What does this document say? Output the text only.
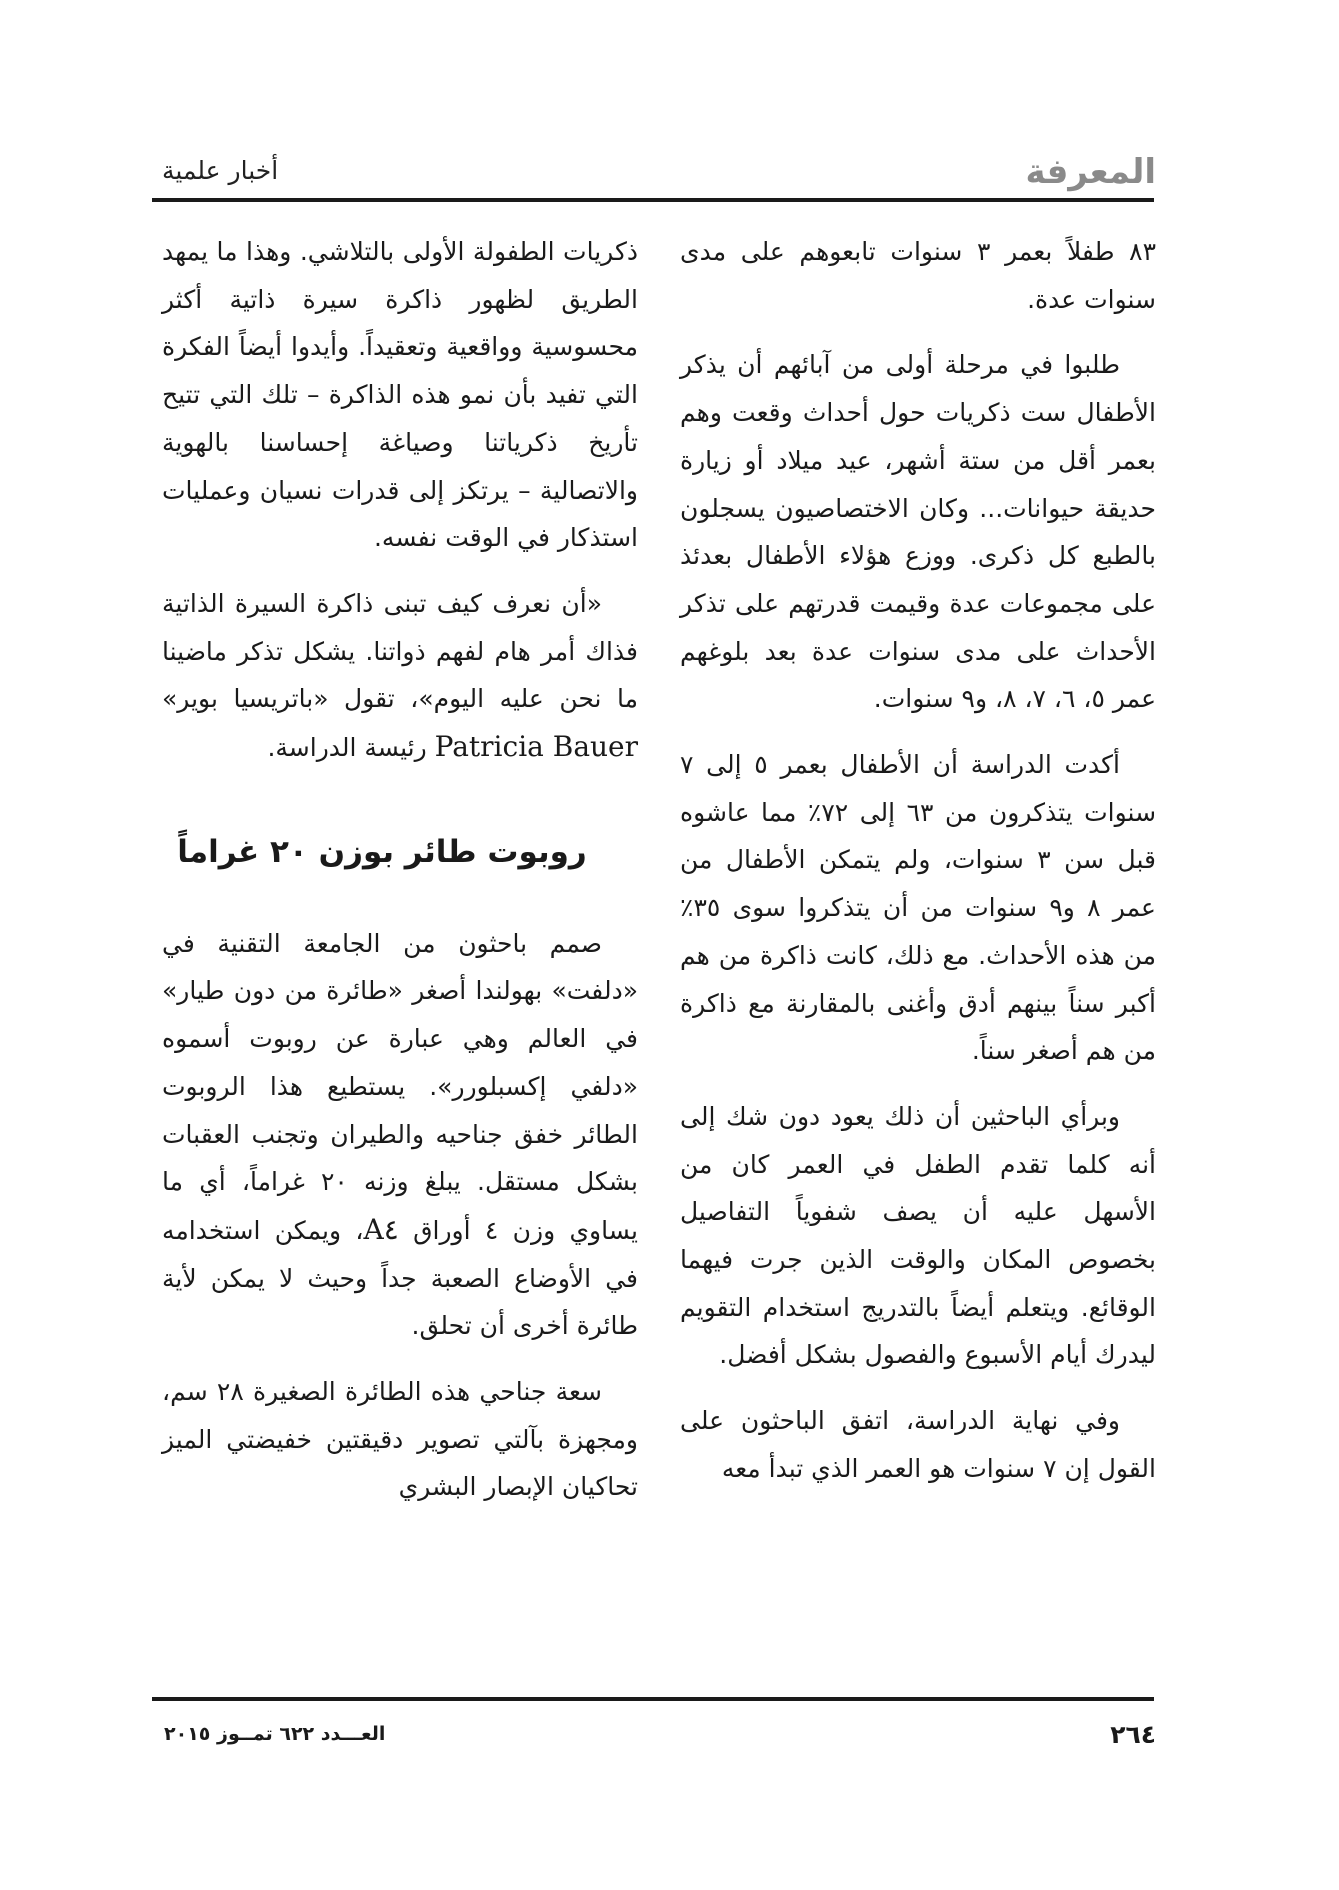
المعرفة
أخبار علمية

٨٣ طفلاً بعمر ٣ سنوات تابعوهم على مدى سنوات عدة.

طلبوا في مرحلة أولى من آبائهم أن يذكر الأطفال ست ذكريات حول أحداث وقعت وهم بعمر أقل من ستة أشهر، عيد ميلاد أو زيارة حديقة حيوانات... وكان الاختصاصيون يسجلون بالطبع كل ذكرى. ووزع هؤلاء الأطفال بعدئذ على مجموعات عدة وقيمت قدرتهم على تذكر الأحداث على مدى سنوات عدة بعد بلوغهم عمر ٥، ٦، ٧، ٨، و٩ سنوات.

أكدت الدراسة أن الأطفال بعمر ٥ إلى ٧ سنوات يتذكرون من ٦٣ إلى ٧٢٪ مما عاشوه قبل سن ٣ سنوات، ولم يتمكن الأطفال من عمر ٨ و٩ سنوات من أن يتذكروا سوى ٣٥٪ من هذه الأحداث. مع ذلك، كانت ذاكرة من هم أكبر سناً بينهم أدق وأغنى بالمقارنة مع ذاكرة من هم أصغر سناً.

وبرأي الباحثين أن ذلك يعود دون شك إلى أنه كلما تقدم الطفل في العمر كان من الأسهل عليه أن يصف شفوياً التفاصيل بخصوص المكان والوقت الذين جرت فيهما الوقائع. ويتعلم أيضاً بالتدريج استخدام التقويم ليدرك أيام الأسبوع والفصول بشكل أفضل.

وفي نهاية الدراسة، اتفق الباحثون على القول إن ٧ سنوات هو العمر الذي تبدأ معه

ذكريات الطفولة الأولى بالتلاشي. وهذا ما يمهد الطريق لظهور ذاكرة سيرة ذاتية أكثر محسوسية وواقعية وتعقيداً. وأيدوا أيضاً الفكرة التي تفيد بأن نمو هذه الذاكرة – تلك التي تتيح تأريخ ذكرياتنا وصياغة إحساسنا بالهوية والاتصالية – يرتكز إلى قدرات نسيان وعمليات استذكار في الوقت نفسه.

«أن نعرف كيف تبنى ذاكرة السيرة الذاتية فذاك أمر هام لفهم ذواتنا. يشكل تذكر ماضينا ما نحن عليه اليوم»، تقول «باتريسيا بوير» Patricia Bauer رئيسة الدراسة.

روبوت طائر بوزن ٢٠ غراماً

صمم باحثون من الجامعة التقنية في «دلفت» بهولندا أصغر «طائرة من دون طيار» في العالم وهي عبارة عن روبوت أسموه «دلفي إكسبلورر». يستطيع هذا الروبوت الطائر خفق جناحيه والطيران وتجنب العقبات بشكل مستقل. يبلغ وزنه ٢٠ غراماً، أي ما يساوي وزن ٤ أوراق A٤، ويمكن استخدامه في الأوضاع الصعبة جداً وحيث لا يمكن لأية طائرة أخرى أن تحلق.

سعة جناحي هذه الطائرة الصغيرة ٢٨ سم، ومجهزة بآلتي تصوير دقيقتين خفيضتي الميز تحاكيان الإبصار البشري

٢٦٤
العـــدد ٦٢٢ تمــوز ٢٠١٥
